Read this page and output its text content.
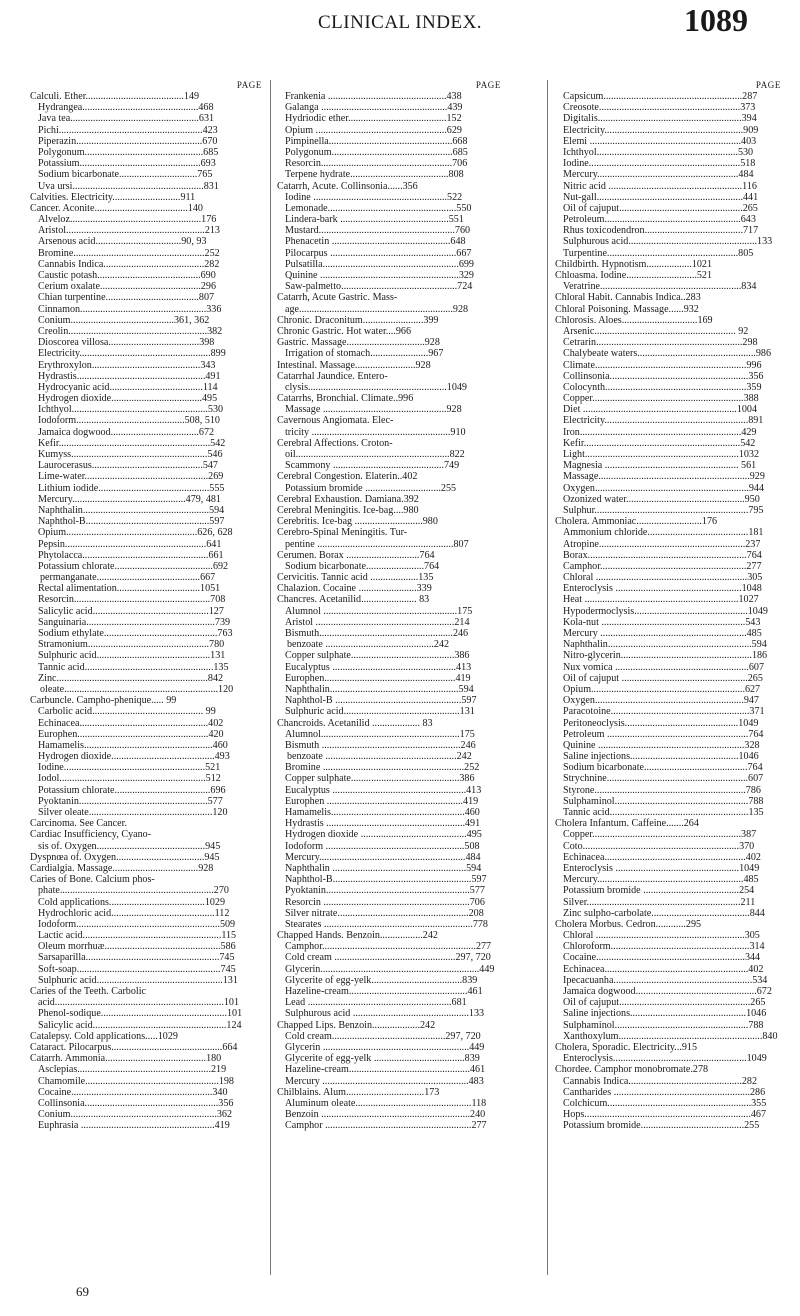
CLINICAL INDEX.	1089
PAGE
Calculi. Ether.......................................149
Hydrangea..............................................468
Java tea...................................................631
Pichi.........................................................423
Piperazin..................................................670
Polygonum...............................................685
Potassium................................................693
Sodium bicarbonate...............................765
Uva ursi....................................................831
Calvities. Electricity...........................911
Cancer. Aconite.....................................140
Alveloz....................................................176
Aristol.......................................................213
Arsenous acid..................................90, 93
Bromine....................................................252
Cannabis Indica........................................282
Caustic potash.........................................690
Cerium oxalate........................................296
Chian turpentine.....................................807
Cinnamon..................................................336
Conium.........................................361, 362
Creolin.......................................................382
Dioscorea villosa....................................398
Electricity....................................................899
Erythroxylon...........................................343
Hydrastis...................................................491
Hydrocyanic acid.....................................114
Hydrogen dioxide....................................495
Ichthyol......................................................530
Iodoform...........................................508, 510
Jamaica dogwood...................................672
Kefir............................................................542
Kumyss......................................................546
Laurocerasus............................................547
Lime-water.................................................269
Lithium iodide............................................555
Mercury.............................................479, 481
Naphthalin..................................................594
Naphthol-B.................................................597
Opium....................................................626, 628
Pepsin........................................................641
Phytolacca..................................................661
Potassium chlorate.......................................692
permanganate.........................................667
Rectal alimentation.................................1051
Resorcin......................................................708
Salicylic acid..............................................127
Sanguinaria...................................................739
Sodium ethylate.............................................763
Stramonium................................................780
Sulphuric acid.............................................131
Tannic acid...................................................135
Zinc............................................................842
oleate.............................................................120
Carbuncle. Campho-phenique..... 99
Carbolic acid............................................ 99
Echinacea...................................................402
Europhen....................................................420
Hamamelis...................................................460
Hydrogen dioxide.........................................493
Iodine........................................................521
Iodol..........................................................512
Potassium chlorate......................................696
Pyoktanin...................................................577
Silver oleate.................................................120
Carcinoma. See Cancer.
Cardiac Insufficiency, Cyano-
sis of. Oxygen...........................................945
Dyspnœa of. Oxygen...................................945
Cardialgia. Massage..................................928
Caries of Bone. Calcium phos-
phate.............................................................270
Cold applications......................................1029
Hydrochloric acid.........................................112
Iodoform.........................................................509
Lactic acid.......................................................115
Oleum morrhuæ..............................................586
Sarsaparilla.....................................................745
Soft-soap.........................................................745
Sulphuric acid..................................................131
Caries of the Teeth. Carbolic
acid...................................................................101
Phenol-sodique..................................................101
Salicylic acid.....................................................124
Catalepsy. Cold applications.....1029
Cataract. Pilocarpus............................................664
Catarrh. Ammonia........................................180
Asclepias.....................................................219
Chamomile.....................................................198
Cocaine........................................................340
Collinsonia.....................................................356
Conium..........................................................362
Euphrasia .....................................................419
PAGE
Frankenia ...............................................438
Galanga ..................................................439
Hydriodic ether.......................................152
Opium ....................................................629
Pimpinella.................................................668
Polygonum................................................685
Resorcin....................................................706
Terpene hydrate.......................................808
Catarrh, Acute. Collinsonia......356
Iodine .....................................................522
Lemonade...................................................550
Lindera-bark ...........................................551
Mustard......................................................760
Phenacetin ...............................................648
Pilocarpus ..................................................667
Pulsatilla......................................................699
Quinine .......................................................329
Saw-palmetto..............................................724
Catarrh, Acute Gastric. Mass-
age.............................................................928
Chronic. Draconitum........................399
Chronic Gastric. Hot water....966
Gastric. Massage...............................928
Irrigation of stomach.......................967
Intestinal. Massage........................928
Catarrhal Jaundice. Entero-
clysis.......................................................1049
Catarrhs, Bronchial. Climate..996
Massage .................................................928
Cavernous Angiomata. Elec-
tricity .......................................................910
Cerebral Affections. Croton-
oil.............................................................822
Scammony ............................................749
Cerebral Congestion. Elaterin..402
Potassium bromide ..............................255
Cerebral Exhaustion. Damiana.392
Cerebral Meningitis. Ice-bag....980
Cerebritis. Ice-bag ...........................980
Cerebro-Spinal Meningitis. Tur-
pentine ......................................................807
Cerumen. Borax .............................764
Sodium bicarbonate.......................764
Cervicitis. Tannic acid ...................135
Chalazion. Cocaine .......................339
Chancres. Acetanilid...................... 83
Alumnol .....................................................175
Aristol .......................................................214
Bismuth.....................................................246
benzoate ...........................................242
Copper sulphate.........................................386
Eucalyptus .................................................413
Europhen....................................................419
Naphthalin...................................................594
Naphthol-B ..................................................597
Sulphuric acid..............................................131
Chancroids. Acetanilid ................... 83
Alumnol.......................................................175
Bismuth .......................................................246
benzoate ....................................................242
Bromine ........................................................252
Copper sulphate...........................................386
Eucalyptus .....................................................413
Europhen ......................................................419
Hamamelis.....................................................460
Hydrastis .......................................................491
Hydrogen dioxide ..........................................495
Iodoform .......................................................508
Mercury..........................................................484
Naphthalin .....................................................594
Naphthol-B.......................................................597
Pyoktanin.........................................................577
Resorcin ..........................................................706
Silver nitrate....................................................208
Stearates ...........................................................778
Chapped Hands. Benzoin.................242
Camphor.............................................................277
Cold cream ................................................297, 720
Glycerin...............................................................449
Glycerite of egg-yelk....................................839
Hazeline-cream...............................................461
Lead .........................................................681
Sulphurous acid ..............................................133
Chapped Lips. Benzoin...................242
Cold cream.............................................297, 720
Glycerin ..........................................................449
Glycerite of egg-yelk ....................................839
Hazeline-cream................................................461
Mercury ..........................................................483
Chilblains. Alum...............................173
Aluminum oleate..............................................118
Benzoin ...........................................................240
Camphor ..........................................................277
PAGE
Capsicum.......................................................287
Creosote........................................................373
Digitalis.........................................................394
Electricity.......................................................909
Elemi ............................................................403
Ichthyol........................................................530
Iodine............................................................518
Mercury........................................................484
Nitric acid .....................................................116
Nut-gall..........................................................441
Oil of cajuput.................................................265
Petroleum......................................................643
Rhus toxicodendron.......................................717
Sulphurous acid...................................................133
Turpentine....................................................805
Childbirth. Hypnotism..................1021
Chloasma. Iodine............................521
Veratrine........................................................834
Chloral Habit. Cannabis Indica..283
Chloral Poisoning. Massage......932
Chlorosis. Aloes..............................169
Arsenic........................................................ 92
Cetrarin..........................................................298
Chalybeate waters...............................................986
Climate............................................................996
Collinsonia.......................................................356
Colocynth........................................................359
Copper............................................................388
Diet .............................................................1004
Electricity.........................................................891
Iron................................................................429
Kefir..............................................................542
Light.............................................................1032
Magnesia ..................................................... 561
Massage............................................................929
Oxygen.............................................................944
Ozonized water...............................................950
Sulphur.............................................................795
Cholera. Ammoniac..........................176
Ammonium chloride........................................181
Atropine..........................................................237
Borax...............................................................764
Camphor..........................................................277
Chloral ............................................................305
Enteroclysis ..................................................1048
Heat .............................................................1027
Hypodermoclysis.............................................1049
Kola-nut .........................................................543
Mercury ..........................................................485
Naphthalin.........................................................594
Nitro-glycerin....................................................186
Nux vomica .....................................................607
Oil of cajuput ..................................................265
Opium.............................................................627
Oxygen...........................................................947
Paracotoine.......................................................371
Peritoneoclysis.............................................1049
Petroleum ........................................................764
Quinine ..........................................................328
Saline injections...........................................1046
Sodium bicarbonate.........................................764
Strychnine........................................................607
Styrone............................................................786
Sulphaminol.....................................................788
Tannic acid.......................................................135
Cholera Infantum. Caffeine.......264
Copper...........................................................387
Coto..............................................................370
Echinacea........................................................402
Enteroclysis .................................................1049
Mercury..........................................................485
Potassium bromide ......................................254
Silver.............................................................211
Zinc sulpho-carbolate.......................................844
Cholera Morbus. Cedron............295
Chloral ...........................................................305
Chloroform.......................................................314
Cocaine...........................................................344
Echinacea.........................................................402
Ipecacuanha.......................................................534
Jamaica dogwood................................................672
Oil of cajuput....................................................265
Saline injections..............................................1046
Sulphaminol.....................................................788
Xanthoxylum.........................................................840
Cholera, Sporadic. Electricity...915
Enteroclysis.....................................................1049
Chordee. Camphor monobromate.278
Cannabis Indica.............................................282
Cantharides ......................................................286
Colchicum.........................................................355
Hops..................................................................467
Potassium bromide.........................................255
69
